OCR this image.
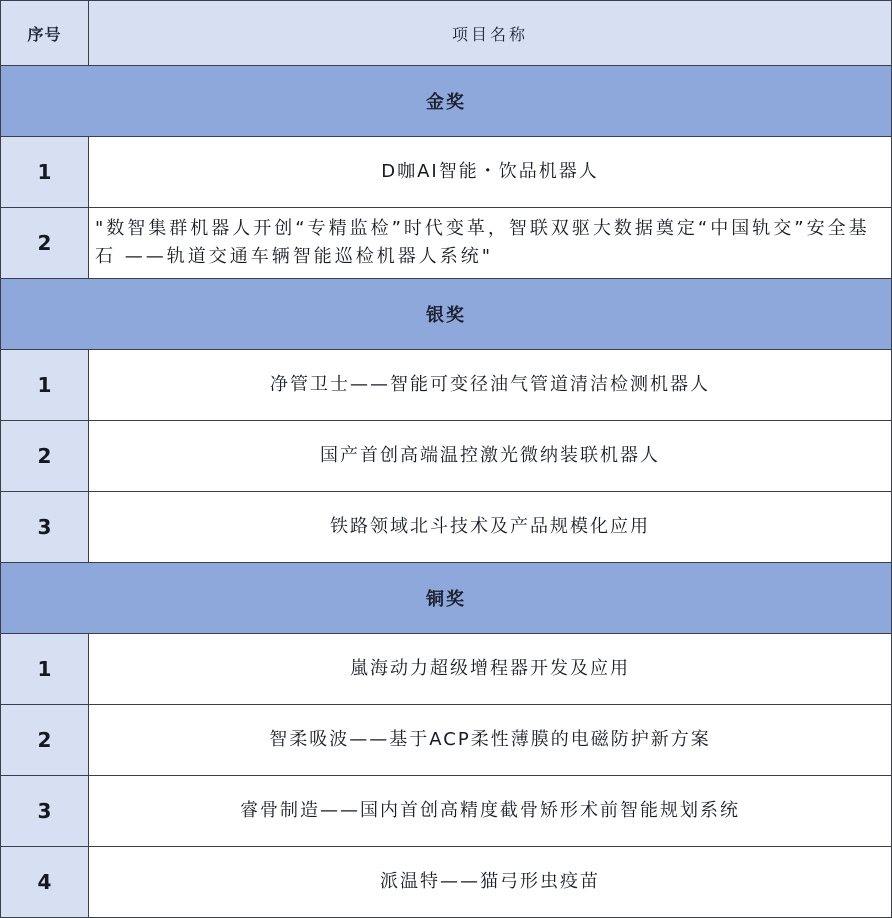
序号	项目名称
金奖	
1	D咖AI智能・饮品机器人
2	"数智集群机器人开创“专精监检”时代变革，智联双驱大数据奠定“中国轨交”安全基石 ——轨道交通车辆智能巡检机器人系统"
银奖	
1	净管卫士——智能可变径油气管道清洁检测机器人
2	国产首创高端温控激光微纳装联机器人
3	铁路领域北斗技术及产品规模化应用
铜奖	
1	嵐海动力超级增程器开发及应用
2	智柔吸波——基于ACP柔性薄膜的电磁防护新方案
3	睿骨制造——国内首创高精度截骨矫形术前智能规划系统
4	派温特——猫弓形虫疫苗
